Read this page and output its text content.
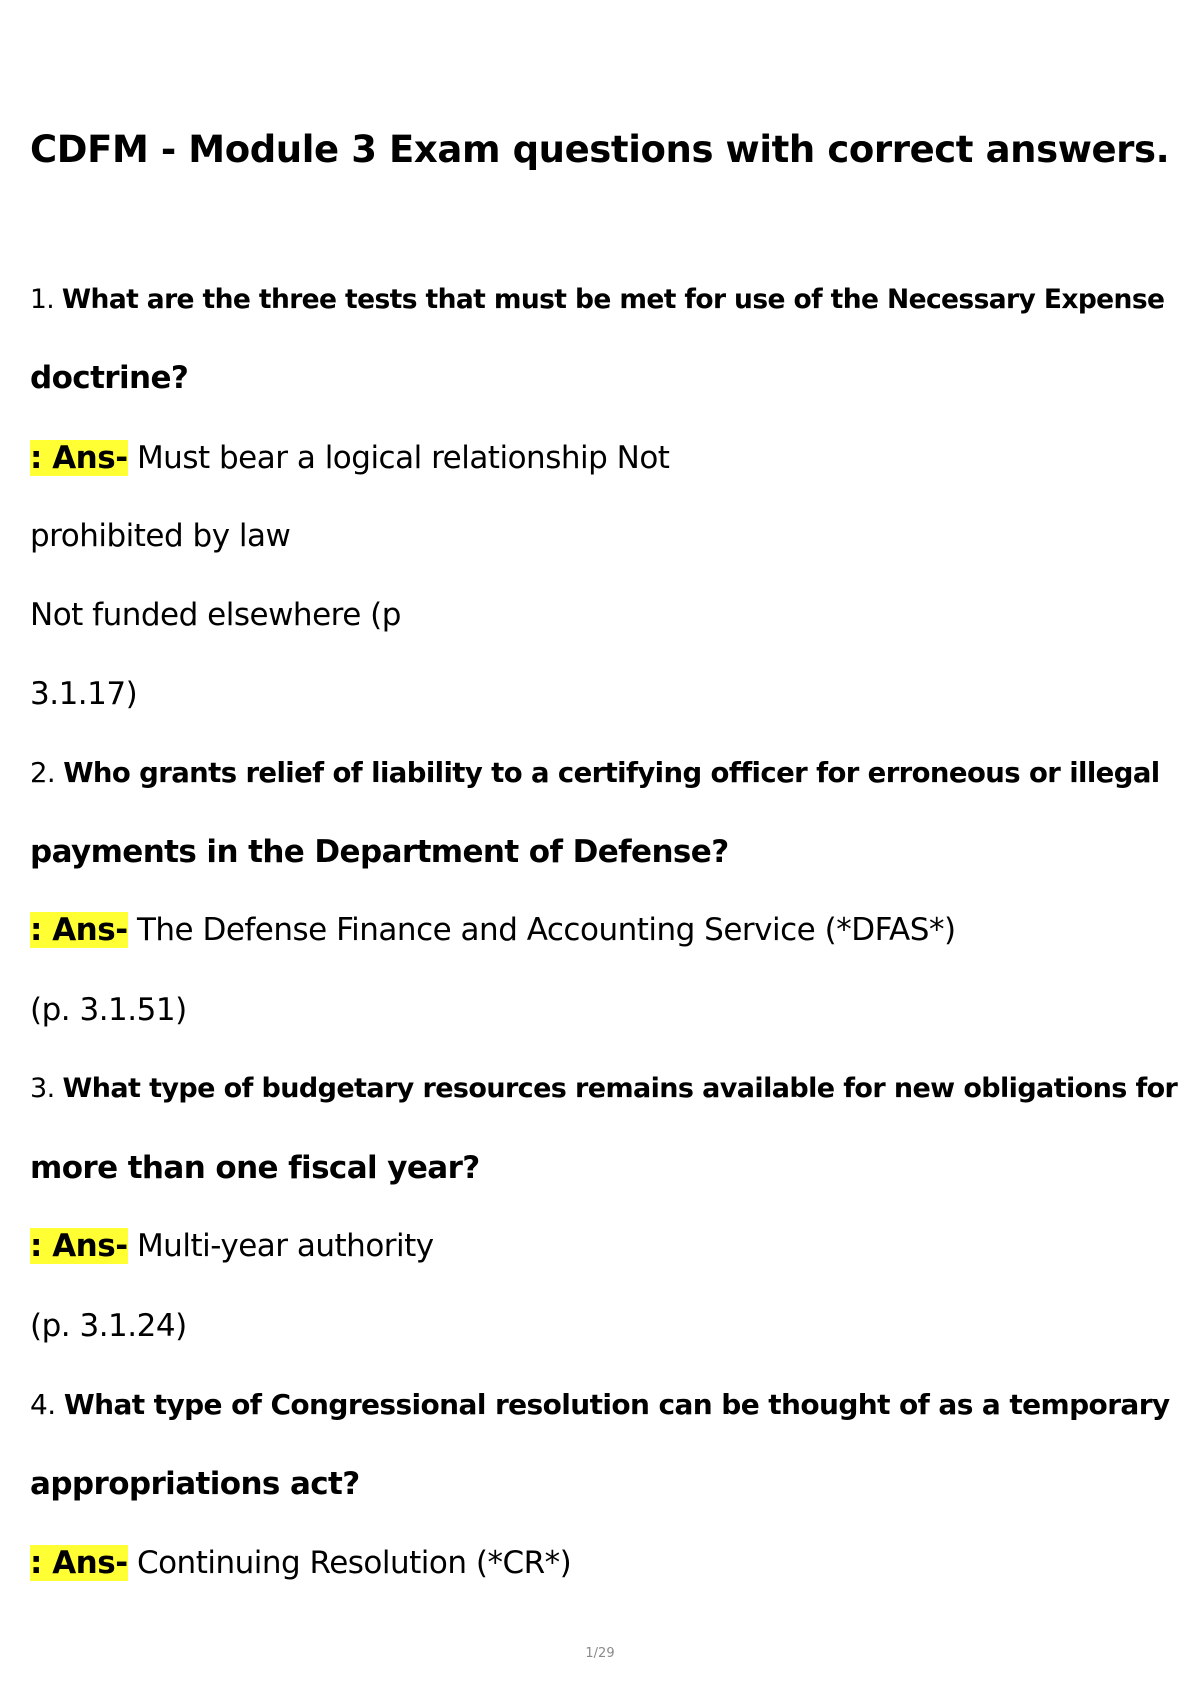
CDFM - Module 3 Exam questions with correct answers.

1. What are the three tests that must be met for use of the Necessary Expense

doctrine?

: Ans- Must bear a logical relationship Not

prohibited by law

Not funded elsewhere (p

3.1.17)

2. Who grants relief of liability to a certifying officer for erroneous or illegal

payments in the Department of Defense?

: Ans- The Defense Finance and Accounting Service (*DFAS*)

(p. 3.1.51)

3. What type of budgetary resources remains available for new obligations for

more than one fiscal year?

: Ans- Multi-year authority

(p. 3.1.24)

4. What type of Congressional resolution can be thought of as a temporary

appropriations act?

: Ans- Continuing Resolution (*CR*)

1/29
